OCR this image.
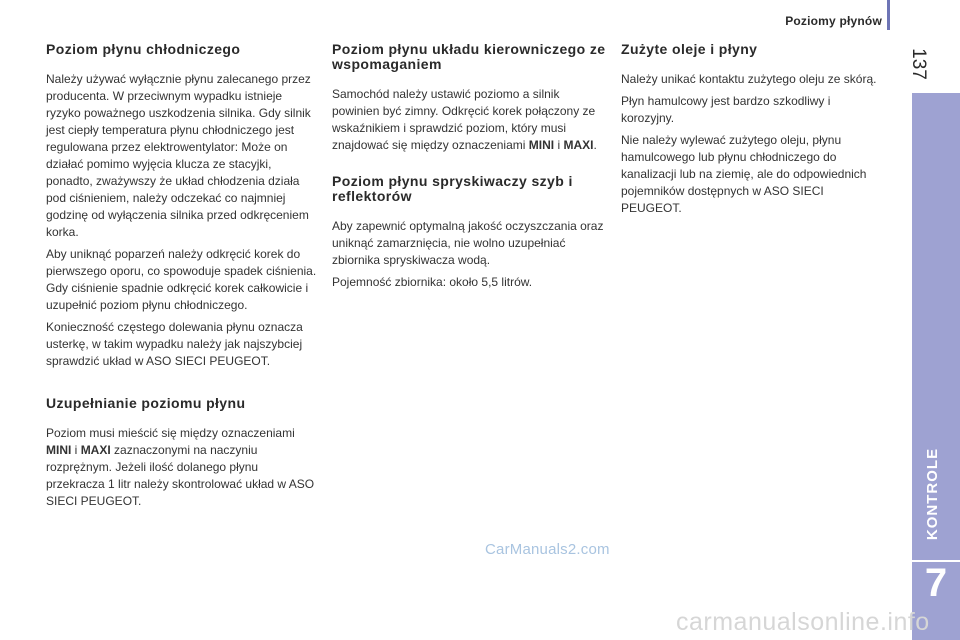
Poziomy płynów
137
KONTROLE
7
Poziom płynu chłodniczego

Należy używać wyłącznie płynu zalecanego przez producenta. W przeciwnym wypadku istnieje ryzyko poważnego uszkodzenia silnika. Gdy silnik jest ciepły temperatura płynu chłodniczego jest regulowana przez elektrowentylator: Może on działać pomimo wyjęcia klucza ze stacyjki, ponadto, zważywszy że układ chłodzenia działa pod ciśnieniem, należy odczekać co najmniej godzinę od wyłączenia silnika przed odkręceniem korka.

Aby uniknąć poparzeń należy odkręcić korek do pierwszego oporu, co spowoduje spadek ciśnienia. Gdy ciśnienie spadnie odkręcić korek całkowicie i uzupełnić poziom płynu chłodniczego.

Konieczność częstego dolewania płynu oznacza usterkę, w takim wypadku należy jak najszybciej sprawdzić układ w ASO SIECI PEUGEOT.

Uzupełnianie poziomu płynu

Poziom musi mieścić się między oznaczeniami MINI i MAXI zaznaczonymi na naczyniu rozprężnym. Jeżeli ilość dolanego płynu przekracza 1 litr należy skontrolować układ w ASO SIECI PEUGEOT.

Poziom płynu układu kierowniczego ze wspomaganiem

Samochód należy ustawić poziomo a silnik powinien być zimny. Odkręcić korek połączony ze wskaźnikiem i sprawdzić poziom, który musi znajdować się między oznaczeniami MINI i MAXI.

Poziom płynu spryskiwaczy szyb i reflektorów

Aby zapewnić optymalną jakość oczyszczania oraz uniknąć zamarznięcia, nie wolno uzupełniać zbiornika spryskiwacza wodą.

Pojemność zbiornika: około 5,5 litrów.

Zużyte oleje i płyny

Należy unikać kontaktu zużytego oleju ze skórą.

Płyn hamulcowy jest bardzo szkodliwy i korozyjny.

Nie należy wylewać zużytego oleju, płynu hamulcowego lub płynu chłodniczego do kanalizacji lub na ziemię, ale do odpowiednich pojemników dostępnych w ASO SIECI PEUGEOT.

CarManuals2.com
carmanualsonline.info
